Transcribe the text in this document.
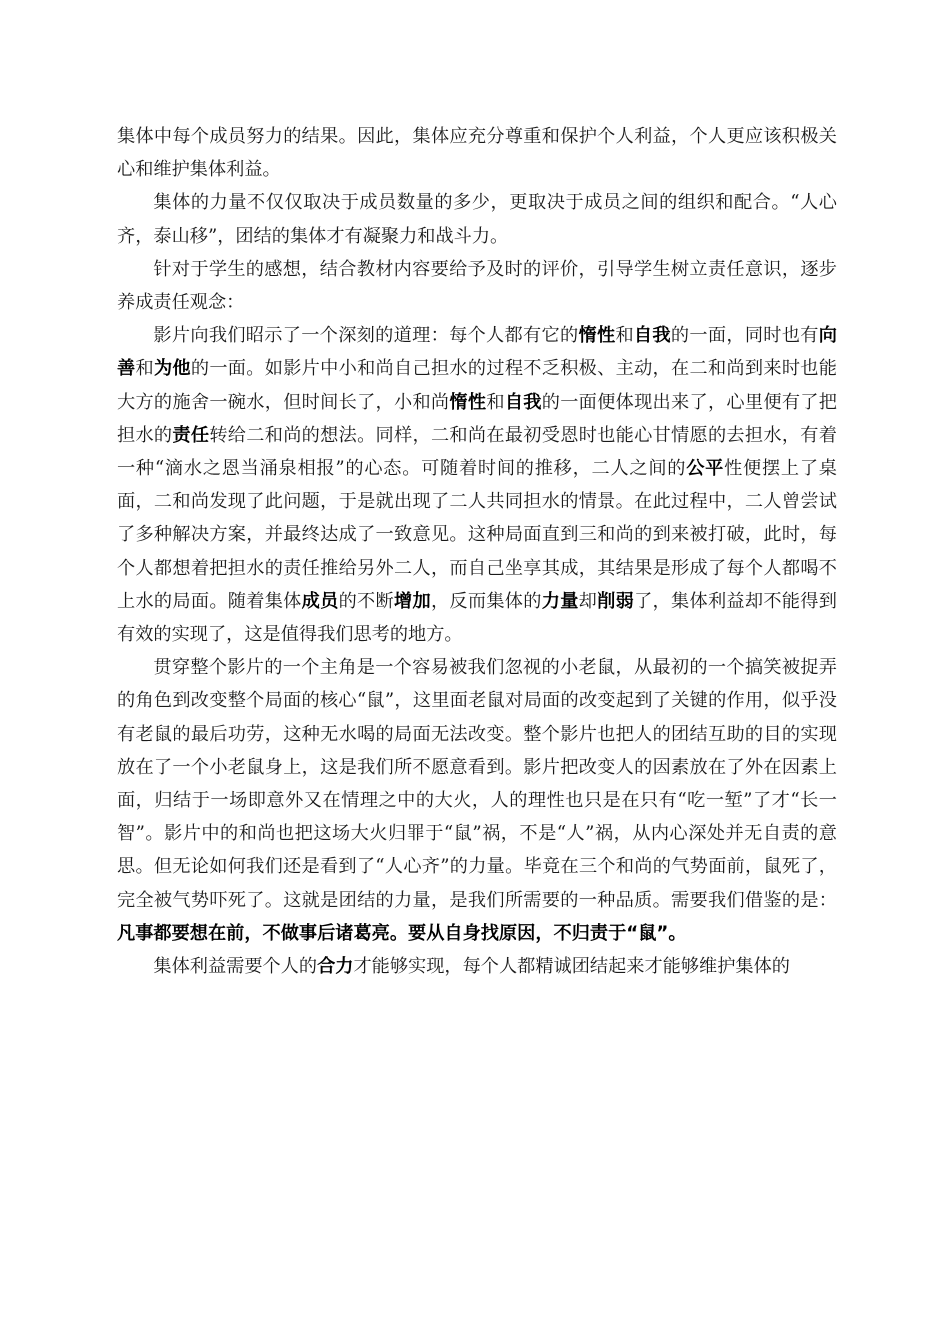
集体中每个成员努力的结果。因此，集体应充分尊重和保护个人利益，个人更应该积极关心和维护集体利益。

集体的力量不仅仅取决于成员数量的多少，更取决于成员之间的组织和配合。“人心齐，泰山移”，团结的集体才有凝聚力和战斗力。

针对于学生的感想，结合教材内容要给予及时的评价，引导学生树立责任意识，逐步养成责任观念：

影片向我们昭示了一个深刻的道理：每个人都有它的惰性和自我的一面，同时也有向善和为他的一面。如影片中小和尚自己担水的过程不乏积极、主动，在二和尚到来时也能大方的施舍一碗水，但时间长了，小和尚惰性和自我的一面便体现出来了，心里便有了把担水的责任转给二和尚的想法。同样，二和尚在最初受恩时也能心甘情愿的去担水，有着一种“滴水之恩当涌泉相报”的心态。可随着时间的推移，二人之间的公平性便摆上了桌面，二和尚发现了此问题，于是就出现了二人共同担水的情景。在此过程中，二人曾尝试了多种解决方案，并最终达成了一致意见。这种局面直到三和尚的到来被打破，此时，每个人都想着把担水的责任推给另外二人，而自己坐享其成，其结果是形成了每个人都喝不上水的局面。随着集体成员的不断增加，反而集体的力量却削弱了，集体利益却不能得到有效的实现了，这是值得我们思考的地方。

贯穿整个影片的一个主角是一个容易被我们忽视的小老鼠，从最初的一个搞笑被捉弄的角色到改变整个局面的核心“鼠”，这里面老鼠对局面的改变起到了关键的作用，似乎没有老鼠的最后功劳，这种无水喝的局面无法改变。整个影片也把人的团结互助的目的实现放在了一个小老鼠身上，这是我们所不愿意看到。影片把改变人的因素放在了外在因素上面，归结于一场即意外又在情理之中的大火，人的理性也只是在只有“吃一堑”了才“长一智”。影片中的和尚也把这场大火归罪于“鼠”祸，不是“人”祸，从内心深处并无自责的意思。但无论如何我们还是看到了“人心齐”的力量。毕竟在三个和尚的气势面前，鼠死了，完全被气势吓死了。这就是团结的力量，是我们所需要的一种品质。需要我们借鉴的是：凡事都要想在前，不做事后诸葛亮。要从自身找原因，不归责于“鼠”。

集体利益需要个人的合力才能够实现，每个人都精诚团结起来才能够维护集体的
